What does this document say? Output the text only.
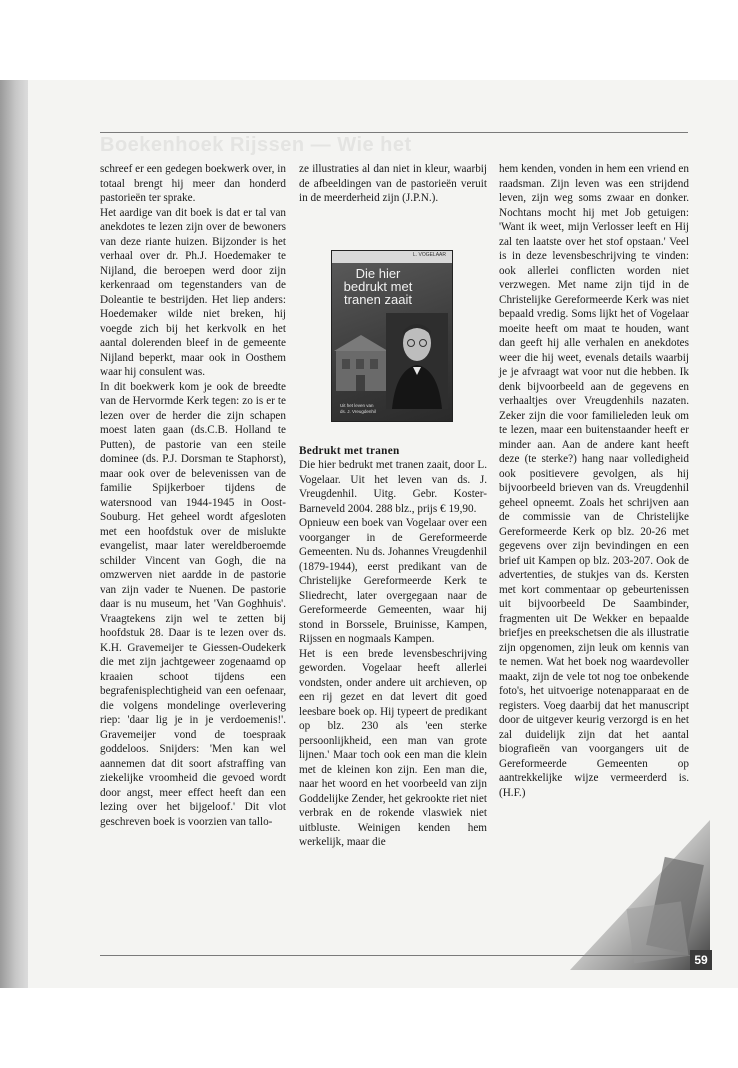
Boekenhoek Rijssen — Wie het

schreef er een gedegen boekwerk over, in totaal brengt hij meer dan honderd pastorieën ter sprake.

Het aardige van dit boek is dat er tal van anekdotes te lezen zijn over de bewoners van deze riante huizen. Bijzonder is het verhaal over dr. Ph.J. Hoedemaker te Nijland, die beroepen werd door zijn kerkenraad om tegenstanders van de Doleantie te bestrijden. Het liep anders: Hoedemaker wilde niet breken, hij voegde zich bij het kerkvolk en het aantal dolerenden bleef in de gemeente Nijland beperkt, maar ook in Oosthem waar hij consulent was.

In dit boekwerk kom je ook de breedte van de Hervormde Kerk tegen: zo is er te lezen over de herder die zijn schapen moest laten gaan (ds.C.B. Holland te Putten), de pastorie van een steile dominee (ds. P.J. Dorsman te Staphorst), maar ook over de belevenissen van de familie Spijkerboer tijdens de watersnood van 1944-1945 in Oost-Souburg. Het geheel wordt afgesloten met een hoofdstuk over de mislukte evangelist, maar later wereldberoemde schilder Vincent van Gogh, die na omzwerven niet aardde in de pastorie van zijn vader te Nuenen. De pastorie daar is nu museum, het 'Van Goghhuis'. Vraagtekens zijn wel te zetten bij hoofdstuk 28. Daar is te lezen over ds. K.H. Gravemeijer te Giessen-Oudekerk die met zijn jachtgeweer zogenaamd op kraaien schoot tijdens een begrafenisplechtigheid van een oefenaar, die volgens mondelinge overlevering riep: 'daar lig je in je verdoemenis!'. Gravemeijer vond de toespraak goddeloos. Snijders: 'Men kan wel aannemen dat dit soort afstraffing van ziekelijke vroomheid die gevoed wordt door angst, meer effect heeft dan een lezing over het bijgeloof.' Dit vlot geschreven boek is voorzien van tallo-

ze illustraties al dan niet in kleur, waarbij de afbeeldingen van de pastorieën veruit in de meerderheid zijn (J.P.N.).

Bedrukt met tranen

Die hier bedrukt met tranen zaait, door L. Vogelaar. Uit het leven van ds. J. Vreugdenhil. Uitg. Gebr. Koster-Barneveld 2004. 288 blz., prijs € 19,90.

Opnieuw een boek van Vogelaar over een voorganger in de Gereformeerde Gemeenten. Nu ds. Johannes Vreugdenhil (1879-1944), eerst predikant van de Christelijke Gereformeerde Kerk te Sliedrecht, later overgegaan naar de Gereformeerde Gemeenten, waar hij stond in Borssele, Bruinisse, Kampen, Rijssen en nogmaals Kampen.

Het is een brede levensbeschrijving geworden. Vogelaar heeft allerlei vondsten, onder andere uit archieven, op een rij gezet en dat levert dit goed leesbare boek op. Hij typeert de predikant op blz. 230 als 'een sterke persoonlijkheid, een man van grote lijnen.' Maar toch ook een man die klein met de kleinen kon zijn. Een man die, naar het woord en het voorbeeld van zijn Goddelijke Zender, het gekrookte riet niet verbrak en de rokende vlaswiek niet uitbluste. Weinigen kenden hem werkelijk, maar die

L. VOGELAAR
Die hier bedrukt met tranen zaait
Uit het leven van
ds. J. Vreugdenhil

hem kenden, vonden in hem een vriend en raadsman. Zijn leven was een strijdend leven, zijn weg soms zwaar en donker. Nochtans mocht hij met Job getuigen: 'Want ik weet, mijn Verlosser leeft en Hij zal ten laatste over het stof opstaan.' Veel is in deze levensbeschrijving te vinden: ook allerlei conflicten worden niet verzwegen. Met name zijn tijd in de Christelijke Gereformeerde Kerk was niet bepaald vredig. Soms lijkt het of Vogelaar moeite heeft om maat te houden, want dan geeft hij alle verhalen en anekdotes weer die hij weet, evenals details waarbij je je afvraagt wat voor nut die hebben. Ik denk bijvoorbeeld aan de gegevens en verhaaltjes over Vreugdenhils nazaten. Zeker zijn die voor familieleden leuk om te lezen, maar een buitenstaander heeft er minder aan. Aan de andere kant heeft deze (te sterke?) hang naar volledigheid ook positievere gevolgen, als hij bijvoorbeeld brieven van ds. Vreugdenhil geheel opneemt. Zoals het schrijven aan de commissie van de Christelijke Gereformeerde Kerk op blz. 20-26 met gegevens over zijn bevindingen en een brief uit Kampen op blz. 203-207. Ook de advertenties, de stukjes van ds. Kersten met kort commentaar op gebeurtenissen uit bijvoorbeeld De Saambinder, fragmenten uit De Wekker en bepaalde briefjes en preekschetsen die als illustratie zijn opgenomen, zijn leuk om kennis van te nemen. Wat het boek nog waardevoller maakt, zijn de vele tot nog toe onbekende foto's, het uitvoerige notenapparaat en de registers. Voeg daarbij dat het manuscript door de uitgever keurig verzorgd is en het zal duidelijk zijn dat het aantal biografieën van voorgangers uit de Gereformeerde Gemeenten op aantrekkelijke wijze vermeerderd is. (H.F.)

59
